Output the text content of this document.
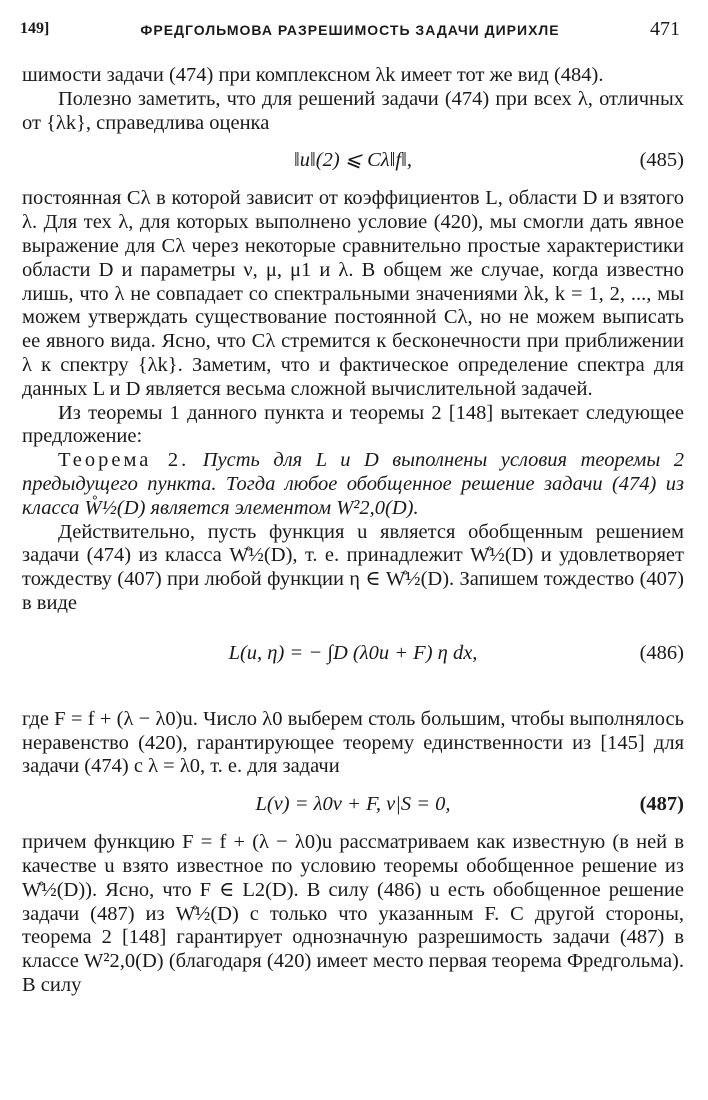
149]	ФРЕДГОЛЬМОВА РАЗРЕШИМОСТЬ ЗАДАЧИ ДИРИХЛЕ	471

шимости задачи (474) при комплексном λk имеет тот же вид (484).

Полезно заметить, что для решений задачи (474) при всех λ, отличных от {λk}, справедлива оценка

‖u‖(2) ⩽ Cλ‖f‖,	(485)

постоянная Cλ в которой зависит от коэффициентов L, области D и взятого λ. Для тех λ, для которых выполнено условие (420), мы смогли дать явное выражение для Cλ через некоторые сравнительно простые характеристики области D и параметры ν, μ, μ1 и λ. В общем же случае, когда известно лишь, что λ не совпадает со спектральными значениями λk, k = 1, 2, ..., мы можем утверждать существование постоянной Cλ, но не можем выписать ее явного вида. Ясно, что Cλ стремится к бесконечности при приближении λ к спектру {λk}. Заметим, что и фактическое определение спектра для данных L и D является весьма сложной вычислительной задачей.

Из теоремы 1 данного пункта и теоремы 2 [148] вытекает следующее предложение:

Теорема 2. Пусть для L и D выполнены условия теоремы 2 предыдущего пункта. Тогда любое обобщенное решение задачи (474) из класса W̊½(D) является элементом W²2,0(D).

Действительно, пусть функция u является обобщенным решением задачи (474) из класса W̊½(D), т. е. принадлежит W̊½(D) и удовлетворяет тождеству (407) при любой функции η ∈ W̊½(D). Запишем тождество (407) в виде

L(u, η) = − ∫D (λ0u + F) η dx,	(486)

где F = f + (λ − λ0)u. Число λ0 выберем столь большим, чтобы выполнялось неравенство (420), гарантирующее теорему единственности из [145] для задачи (474) с λ = λ0, т. е. для задачи

L(v) = λ0v + F, v|S = 0,	(487)

причем функцию F = f + (λ − λ0)u рассматриваем как известную (в ней в качестве u взято известное по условию теоремы обобщенное решение из W̊½(D)). Ясно, что F ∈ L2(D). В силу (486) u есть обобщенное решение задачи (487) из W̊½(D) с только что указанным F. С другой стороны, теорема 2 [148] гарантирует однозначную разрешимость задачи (487) в классе W²2,0(D) (благодаря (420) имеет место первая теорема Фредгольма). В силу
